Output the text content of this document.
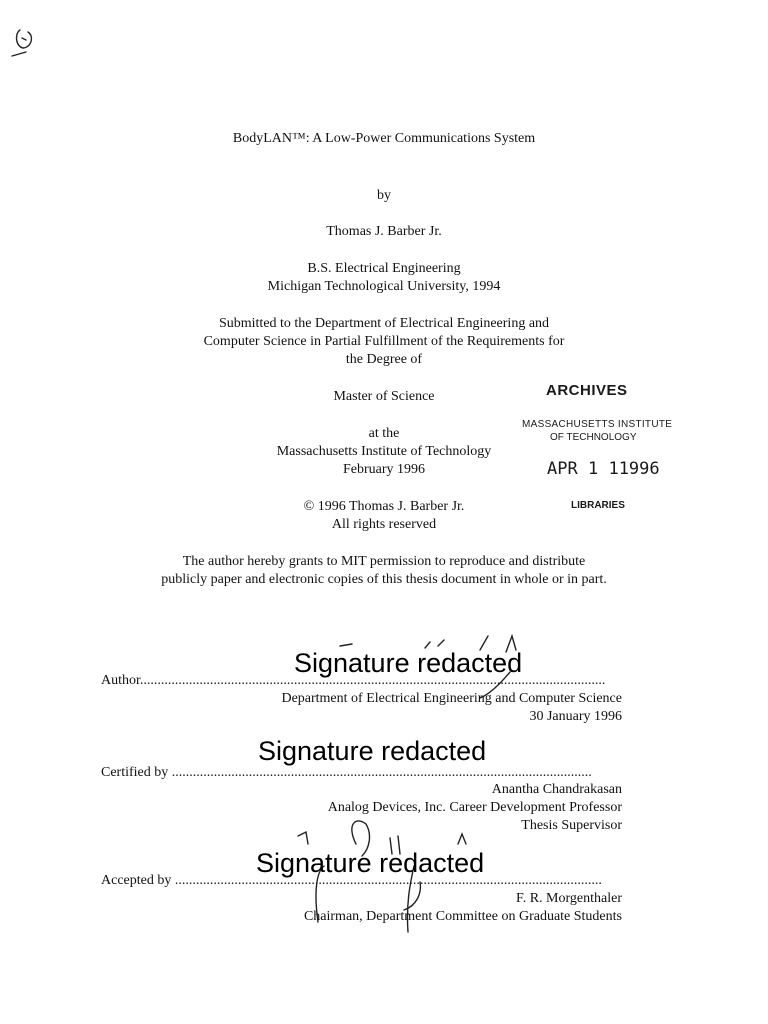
BodyLAN™: A Low-Power Communications System
by
Thomas J. Barber Jr.
B.S. Electrical Engineering
Michigan Technological University, 1994
Submitted to the Department of Electrical Engineering and
Computer Science in Partial Fulfillment of the Requirements for
the Degree of
Master of Science
at the
Massachusetts Institute of Technology
February 1996
© 1996 Thomas J. Barber Jr.
All rights reserved
ARCHIVES
MASSACHUSETTS INSTITUTE
OF TECHNOLOGY
APR 1 11996
LIBRARIES
The author hereby grants to MIT permission to reproduce and distribute
publicly paper and electronic copies of this thesis document in whole or in part.
Signature redacted
Author.....................................................................................................................................
Department of Electrical Engineering and Computer Science
30 January 1996
Signature redacted
Certified by ........................................................................................................................
Anantha Chandrakasan
Analog Devices, Inc. Career Development Professor
Thesis Supervisor
Signature redacted
Accepted by ..........................................................................................................................
F. R. Morgenthaler
Chairman, Department Committee on Graduate Students
